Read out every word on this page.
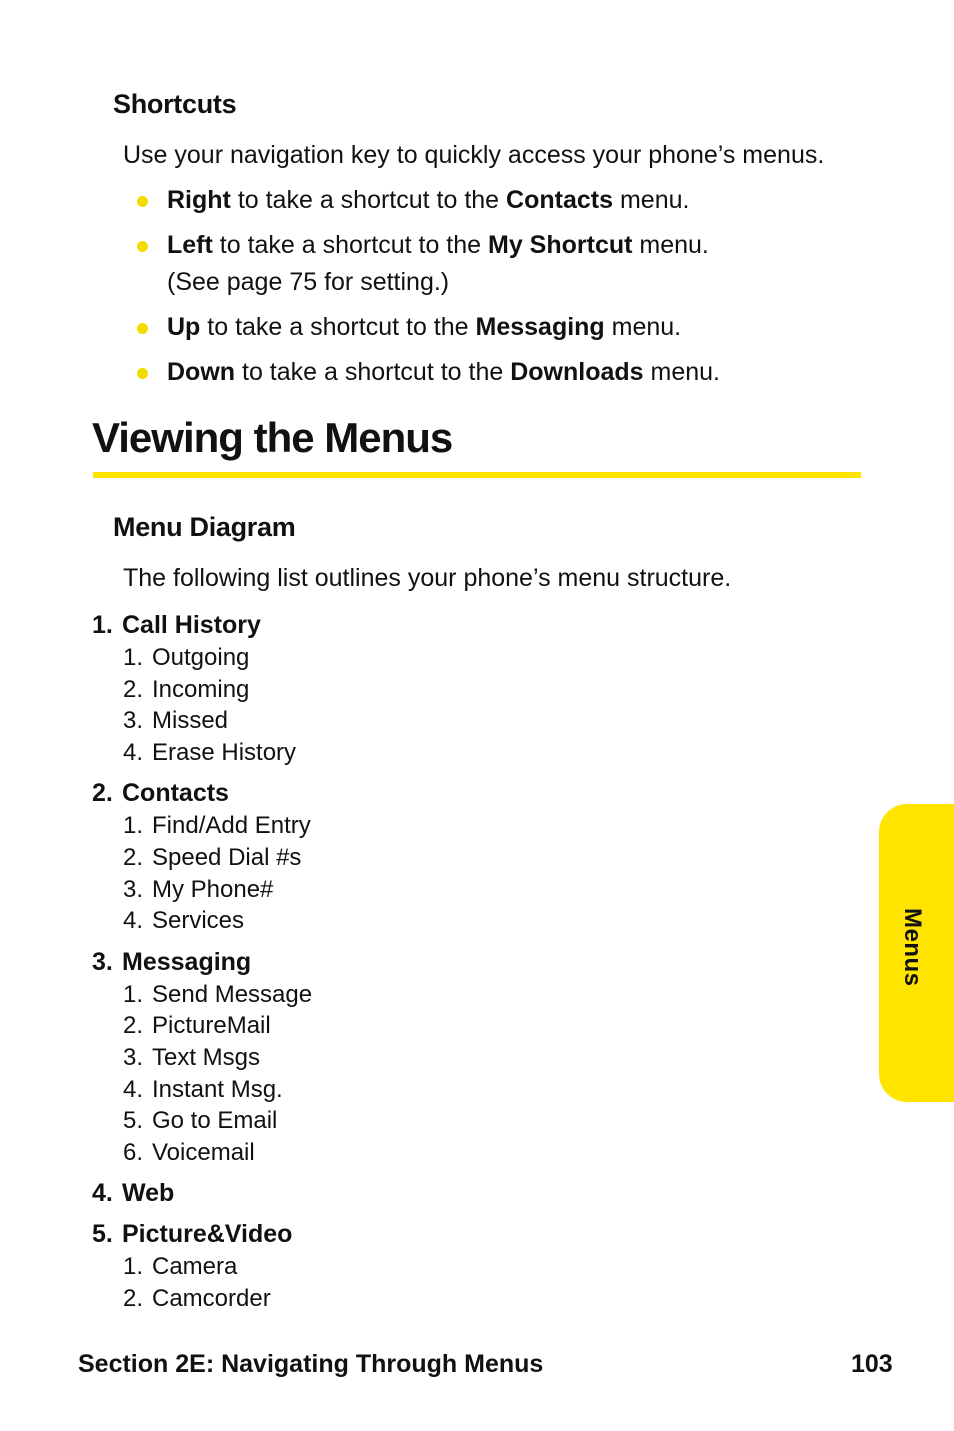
Shortcuts
Use your navigation key to quickly access your phone’s menus.
Right to take a shortcut to the Contacts menu.
Left to take a shortcut to the My Shortcut menu.
(See page 75 for setting.)
Up to take a shortcut to the Messaging menu.
Down to take a shortcut to the Downloads menu.
Viewing the Menus
Menu Diagram
The following list outlines your phone’s menu structure.
1. Call History
1. Outgoing
2. Incoming
3. Missed
4. Erase History
2. Contacts
1. Find/Add Entry
2. Speed Dial #s
3. My Phone#
4. Services
3. Messaging
1. Send Message
2. PictureMail
3. Text Msgs
4. Instant Msg.
5. Go to Email
6. Voicemail
4. Web
5. Picture&Video
1. Camera
2. Camcorder
Menus
Section 2E: Navigating Through Menus	103
